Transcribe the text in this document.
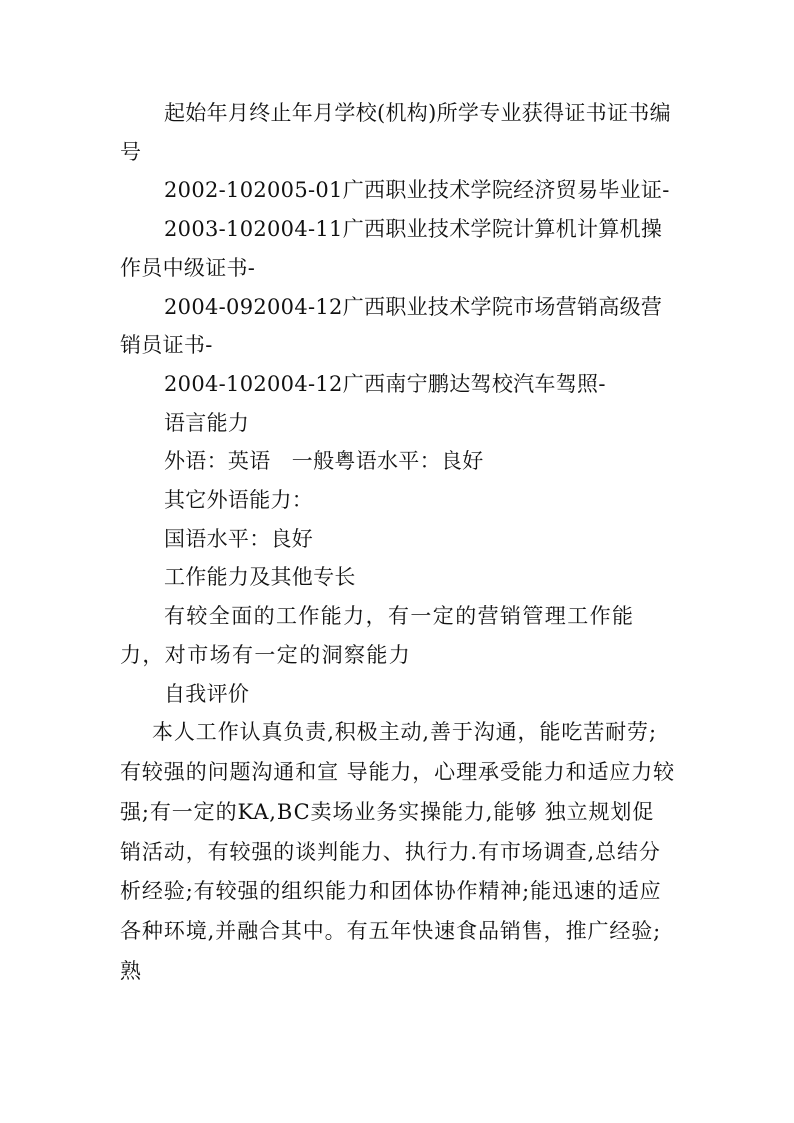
起始年月终止年月学校(机构)所学专业获得证书证书编号

2002-102005-01广西职业技术学院经济贸易毕业证-

2003-102004-11广西职业技术学院计算机计算机操作员中级证书-

2004-092004-12广西职业技术学院市场营销高级营销员证书-

2004-102004-12广西南宁鹏达驾校汽车驾照-

语言能力

外语：英语　一般粤语水平：良好

其它外语能力：

国语水平：良好

工作能力及其他专长

有较全面的工作能力，有一定的营销管理工作能力，对市场有一定的洞察能力

自我评价

本人工作认真负责,积极主动,善于沟通，能吃苦耐劳;有较强的问题沟通和宣 导能力，心理承受能力和适应力较强;有一定的KA,BC卖场业务实操能力,能够 独立规划促销活动，有较强的谈判能力、执行力.有市场调查,总结分析经验;有较强的组织能力和团体协作精神;能迅速的适应各种环境,并融合其中。有五年快速食品销售，推广经验;熟
